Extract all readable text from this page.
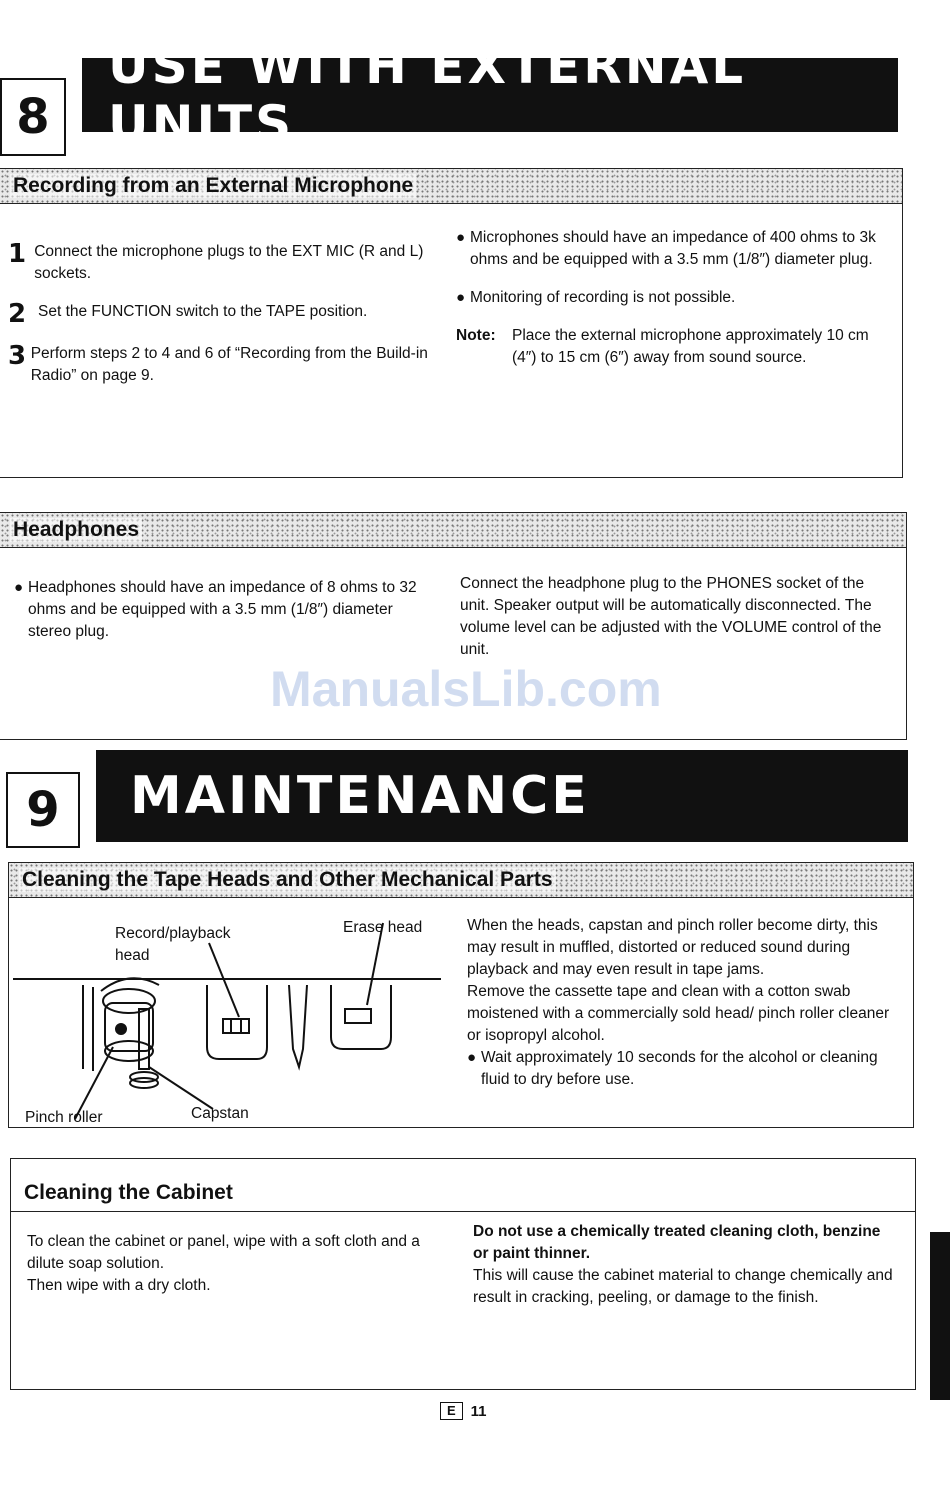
8
USE WITH EXTERNAL UNITS
Recording from an External Microphone
1 Connect the microphone plugs to the EXT MIC (R and L) sockets.
2 Set the FUNCTION switch to the TAPE position.
3 Perform steps 2 to 4 and 6 of “Recording from the Build-in Radio” on page 9.
● Microphones should have an impedance of 400 ohms to 3k ohms and be equipped with a 3.5 mm (1/8″) diameter plug.
● Monitoring of recording is not possible.
Note:	Place the external microphone approximately 10 cm (4″) to 15 cm (6″) away from sound source.
Headphones
● Headphones should have an impedance of 8 ohms to 32 ohms and be equipped with a 3.5 mm (1/8″) diameter stereo plug.
Connect the headphone plug to the PHONES socket of the unit. Speaker output will be automatically disconnected. The volume level can be adjusted with the VOLUME control of the unit.
ManualsLib.com
9	MAINTENANCE
Cleaning the Tape Heads and Other Mechanical Parts
Record/playback
head
Erase head
Pinch roller	Capstan
When the heads, capstan and pinch roller become dirty, this may result in muffled, distorted or reduced sound during playback and may even result in tape jams.
Remove the cassette tape and clean with a cotton swab moistened with a commercially sold head/ pinch roller cleaner or isopropyl alcohol.
● Wait approximately 10 seconds for the alcohol or cleaning fluid to dry before use.
Cleaning the Cabinet
To clean the cabinet or panel, wipe with a soft cloth and a dilute soap solution.
Then wipe with a dry cloth.
Do not use a chemically treated cleaning cloth, benzine or paint thinner.
This will cause the cabinet material to change chemically and result in cracking, peeling, or damage to the finish.
E	11
